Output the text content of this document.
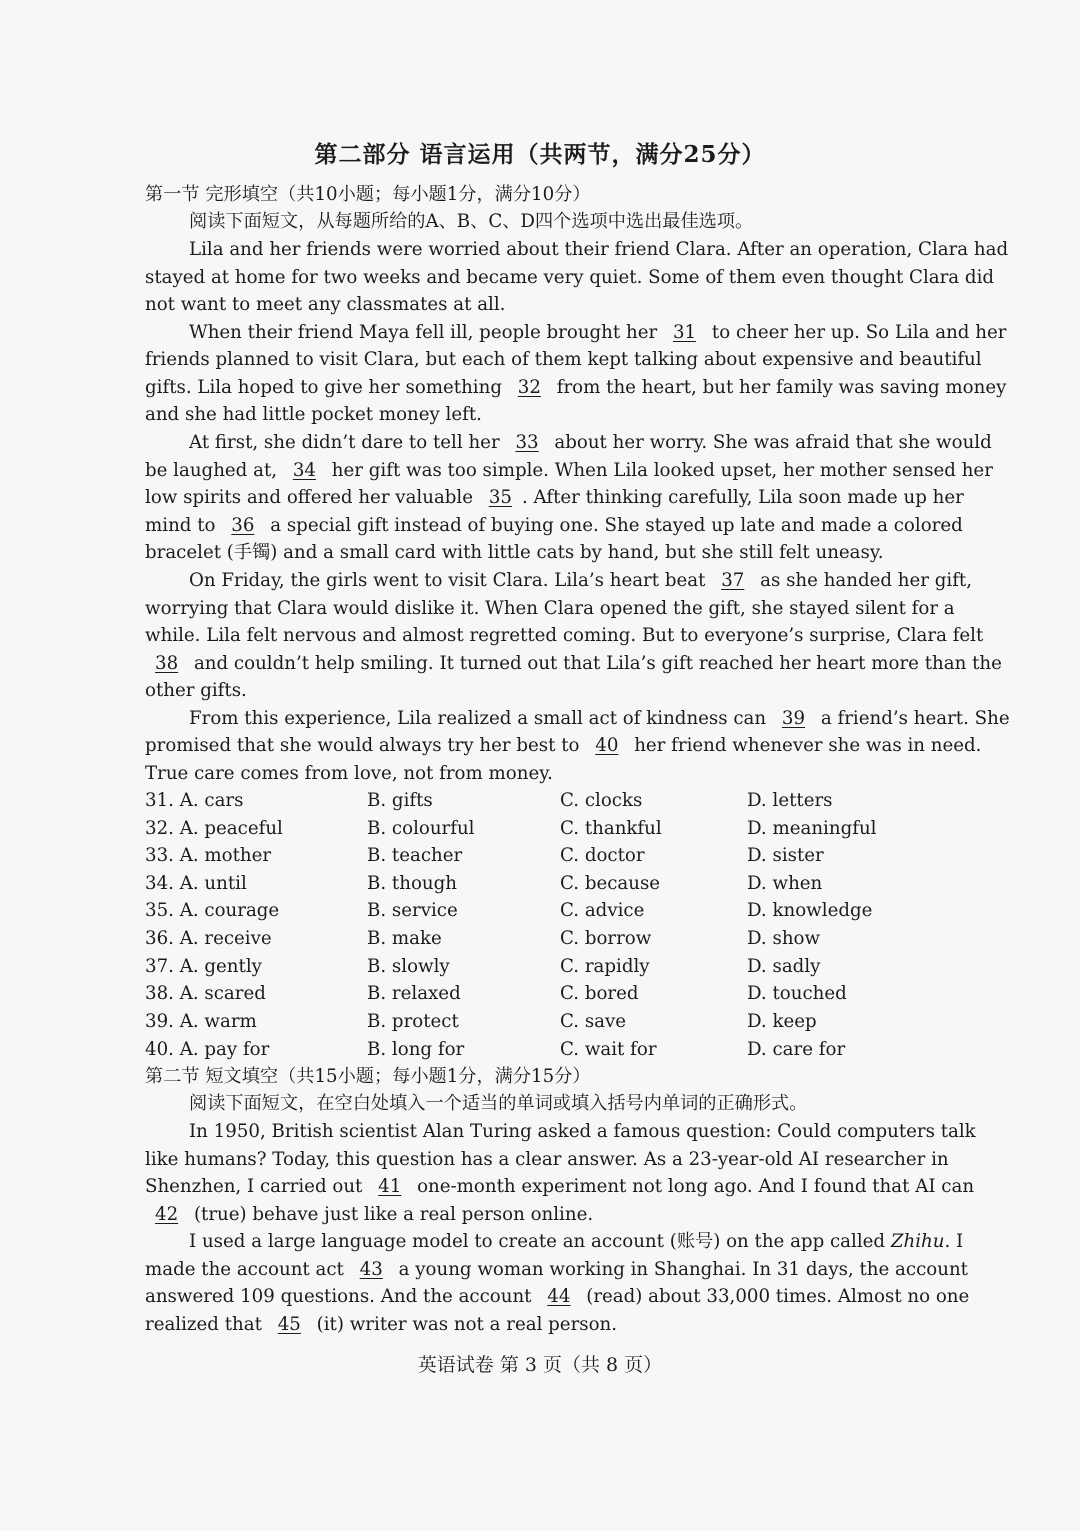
第二部分 语言运用（共两节，满分25分）
第一节 完形填空（共10小题；每小题1分，满分10分）
阅读下面短文，从每题所给的A、B、C、D四个选项中选出最佳选项。
Lila and her friends were worried about their friend Clara. After an operation, Clara had
stayed at home for two weeks and became very quiet. Some of them even thought Clara did
not want to meet any classmates at all.
When their friend Maya fell ill, people brought her 31 to cheer her up. So Lila and her
friends planned to visit Clara, but each of them kept talking about expensive and beautiful
gifts. Lila hoped to give her something 32 from the heart, but her family was saving money
and she had little pocket money left.
At first, she didn’t dare to tell her 33 about her worry. She was afraid that she would
be laughed at, 34 her gift was too simple. When Lila looked upset, her mother sensed her
low spirits and offered her valuable 35 . After thinking carefully, Lila soon made up her
mind to 36 a special gift instead of buying one. She stayed up late and made a colored
bracelet (手镯) and a small card with little cats by hand, but she still felt uneasy.
On Friday, the girls went to visit Clara. Lila’s heart beat 37 as she handed her gift,
worrying that Clara would dislike it. When Clara opened the gift, she stayed silent for a
while. Lila felt nervous and almost regretted coming. But to everyone’s surprise, Clara felt
38 and couldn’t help smiling. It turned out that Lila’s gift reached her heart more than the
other gifts.
From this experience, Lila realized a small act of kindness can 39 a friend’s heart. She
promised that she would always try her best to 40 her friend whenever she was in need.
True care comes from love, not from money.
31. A. cars	B. gifts	C. clocks	D. letters
32. A. peaceful	B. colourful	C. thankful	D. meaningful
33. A. mother	B. teacher	C. doctor	D. sister
34. A. until	B. though	C. because	D. when
35. A. courage	B. service	C. advice	D. knowledge
36. A. receive	B. make	C. borrow	D. show
37. A. gently	B. slowly	C. rapidly	D. sadly
38. A. scared	B. relaxed	C. bored	D. touched
39. A. warm	B. protect	C. save	D. keep
40. A. pay for	B. long for	C. wait for	D. care for
第二节 短文填空（共15小题；每小题1分，满分15分）
阅读下面短文，在空白处填入一个适当的单词或填入括号内单词的正确形式。
In 1950, British scientist Alan Turing asked a famous question: Could computers talk
like humans? Today, this question has a clear answer. As a 23-year-old AI researcher in
Shenzhen, I carried out 41 one-month experiment not long ago. And I found that AI can
42 (true) behave just like a real person online.
I used a large language model to create an account (账号) on the app called Zhihu. I
made the account act 43 a young woman working in Shanghai. In 31 days, the account
answered 109 questions. And the account 44 (read) about 33,000 times. Almost no one
realized that 45 (it) writer was not a real person.
英语试卷 第 3 页（共 8 页）
